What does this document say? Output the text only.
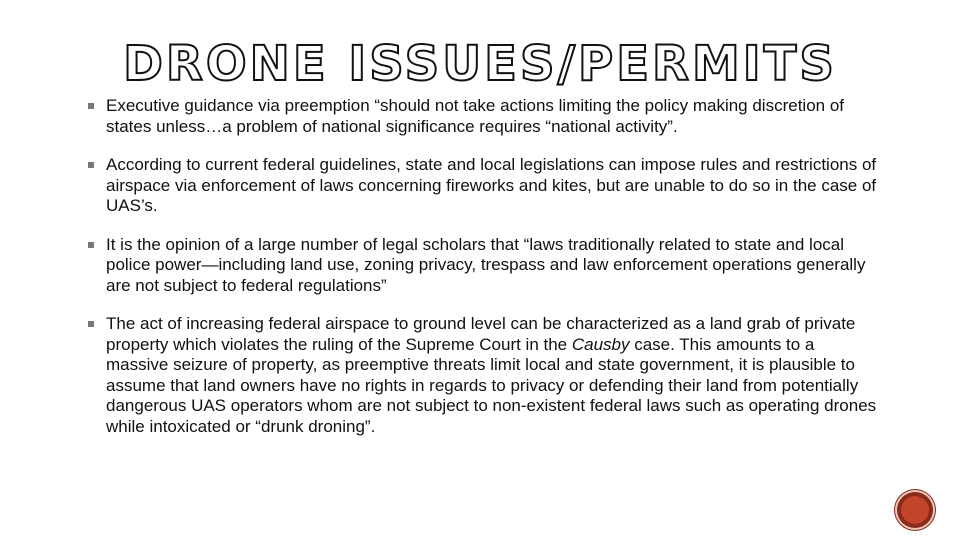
DRONE ISSUES/PERMITS
Executive guidance via preemption “should not take actions limiting the policy making discretion of states unless…a problem of national significance requires “national activity”.
According to current federal guidelines, state and local legislations can impose rules and restrictions of airspace via enforcement of laws concerning fireworks and kites, but are unable to do so in the case of UAS’s.
It is the opinion of a large number of legal scholars that “laws traditionally related to state and local police power—including land use, zoning privacy, trespass and law enforcement operations generally are not subject to federal regulations”
The act of increasing federal airspace to ground level can be characterized as a land grab of private property which violates the ruling of the Supreme Court in the Causby case. This amounts to a massive seizure of property, as preemptive threats limit local and state government, it is plausible to assume that land owners have no rights in regards to privacy or defending their land from potentially dangerous UAS operators whom are not subject to non-existent federal laws such as operating drones while intoxicated or “drunk droning”.
